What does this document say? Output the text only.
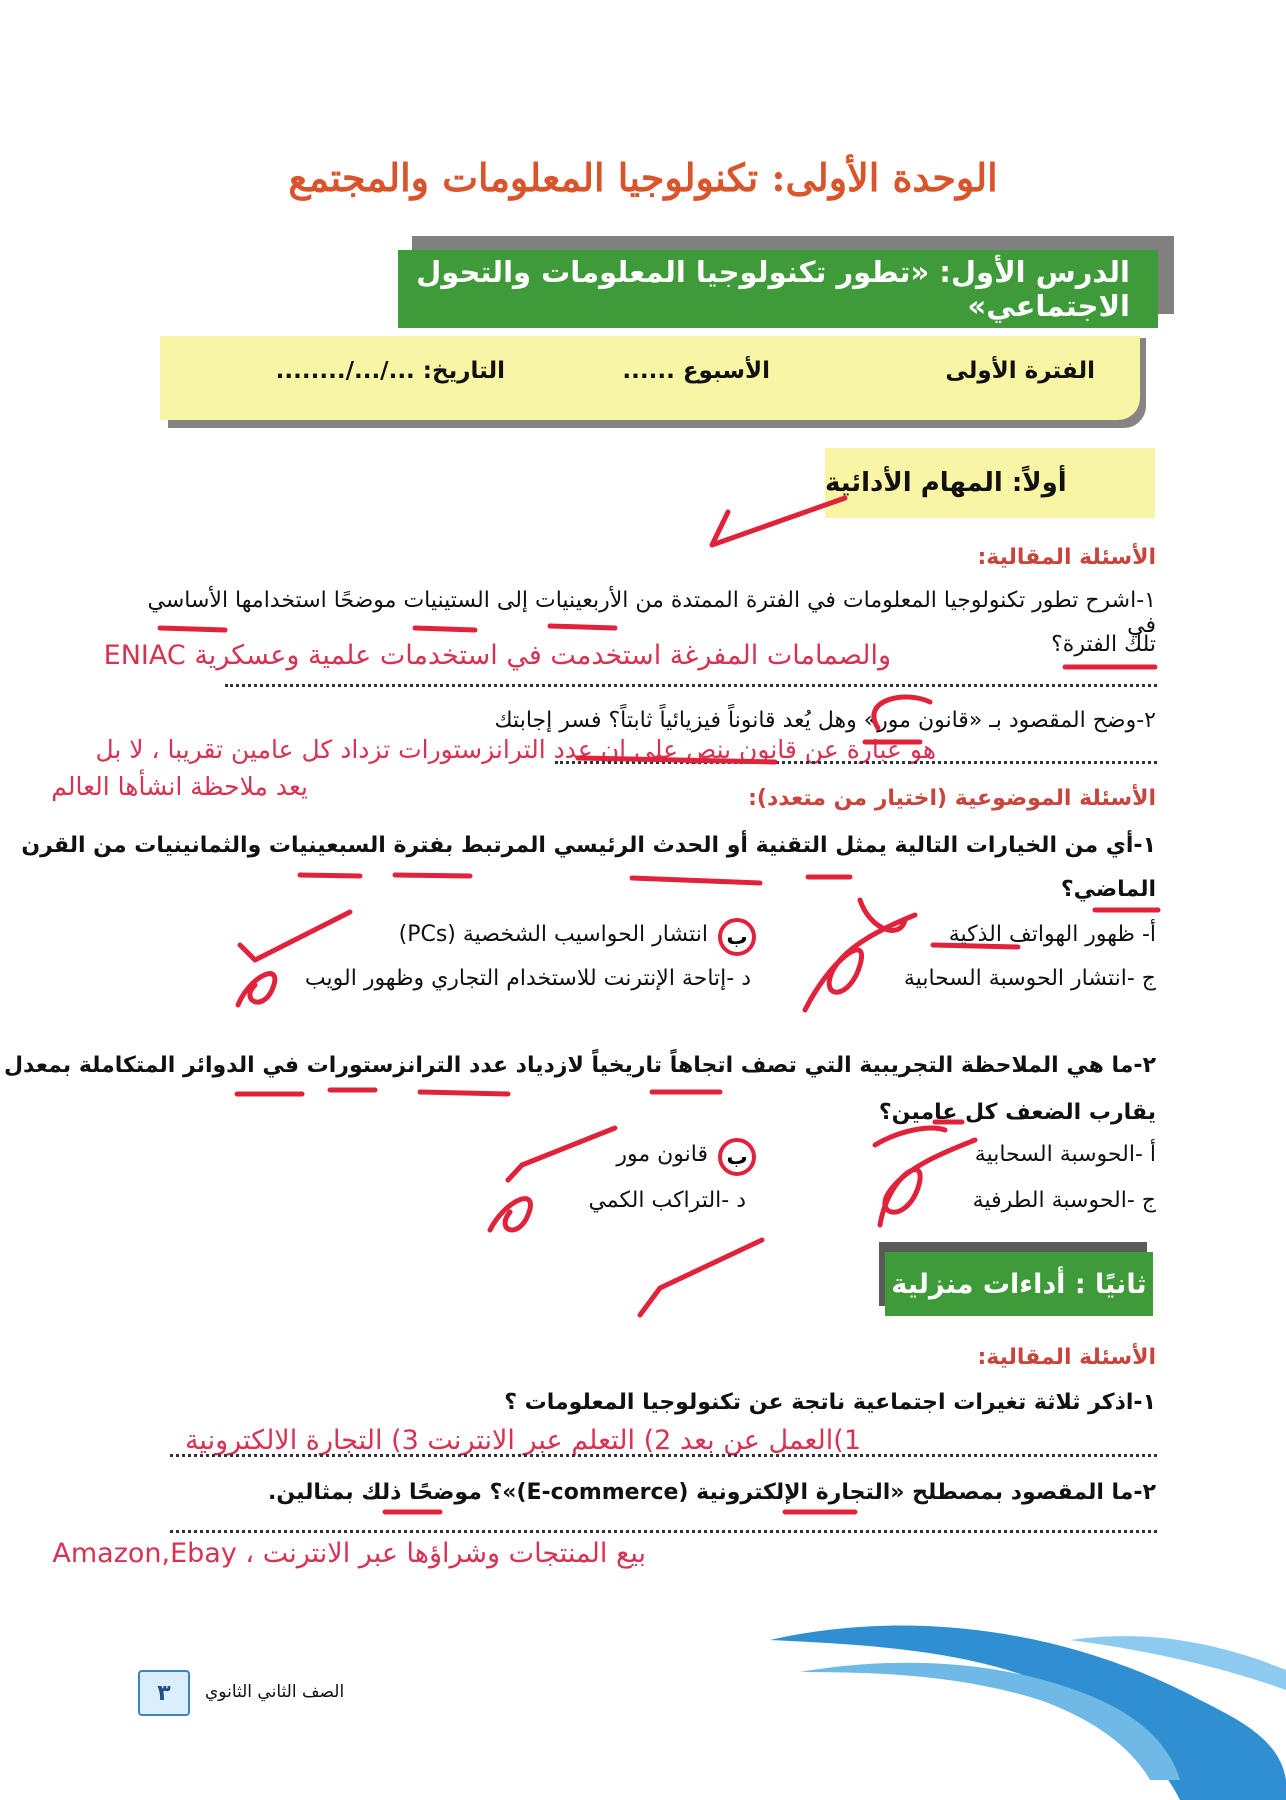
الوحدة الأولى: تكنولوجيا المعلومات والمجتمع
الدرس الأول: «تطور تكنولوجيا المعلومات والتحول الاجتماعي»
الفترة الأولى
الأسبوع ......
التاريخ: .../.../........
أولاً: المهام الأدائية
الأسئلة المقالية:
١-اشرح تطور تكنولوجيا المعلومات في الفترة الممتدة من الأربعينيات إلى الستينيات موضحًا استخدامها الأساسي في
تلك الفترة؟
والصمامات المفرغة استخدمت في استخدمات علمية وعسكرية ENIAC
٢-وضح المقصود بـ «قانون مور» وهل يُعد قانوناً فيزيائياً ثابتاً؟ فسر إجابتك
هو عبارة عن قانون ينص على ان عدد الترانزستورات تزداد كل عامين تقريبا ، لا بل
يعد ملاحظة انشأها العالم	الأسئلة الموضوعية (اختيار من متعدد):
١-أي من الخيارات التالية يمثل التقنية أو الحدث الرئيسي المرتبط بفترة السبعينيات والثمانينيات من القرن
الماضي؟
أ- ظهور الهواتف الذكية
انتشار الحواسيب الشخصية (PCs)
ج -انتشار الحوسبة السحابية
د -إتاحة الإنترنت للاستخدام التجاري وظهور الويب
٢-ما هي الملاحظة التجريبية التي تصف اتجاهاً تاريخياً لازدياد عدد الترانزستورات في الدوائر المتكاملة بمعدل
يقارب الضعف كل عامين؟
أ -الحوسبة السحابية
قانون مور
ج -الحوسبة الطرفية
د -التراكب الكمي
ثانيًا : أداءات منزلية
الأسئلة المقالية:
١-اذكر ثلاثة تغيرات اجتماعية ناتجة عن تكنولوجيا المعلومات ؟
1)العمل عن بعد 2) التعلم عبر الانترنت 3) التجارة الالكترونية
٢-ما المقصود بمصطلح «التجارة الإلكترونية (E-commerce)»؟ موضحًا ذلك بمثالين.
بيع المنتجات وشراؤها عبر الانترنت ، Amazon,Ebay
الصف الثاني الثانوي
٣
ب
ب
